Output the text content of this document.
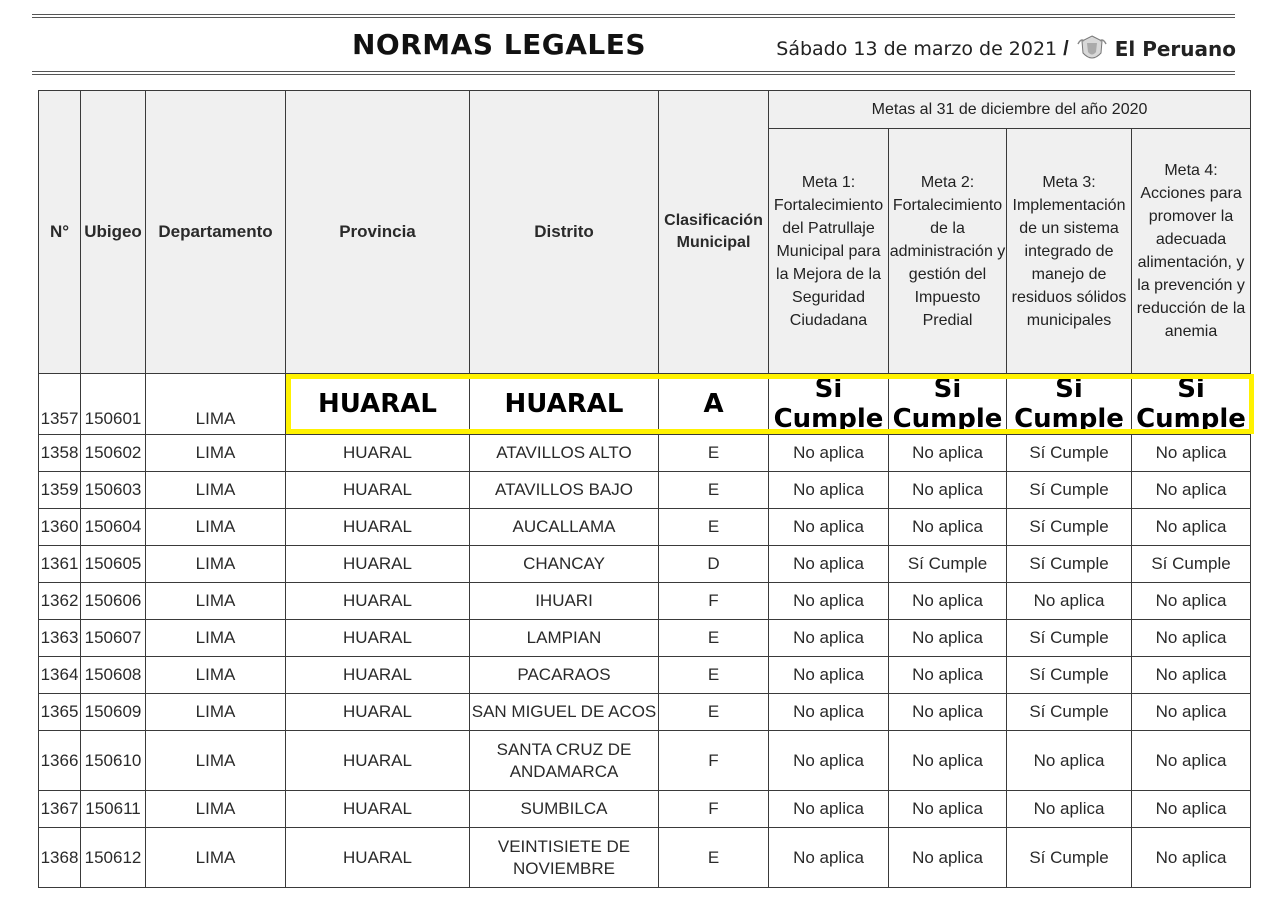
NORMAS LEGALES	Sábado 13 de marzo de 2021 / El Peruano
N°	Ubigeo	Departamento	Provincia	Distrito	Clasificación Municipal	Metas al 31 de diciembre del año 2020			
						Meta 1: Fortalecimiento del Patrullaje Municipal para la Mejora de la Seguridad Ciudadana	Meta 2: Fortalecimiento de la administración y gestión del Impuesto Predial	Meta 3: Implementación de un sistema integrado de manejo de residuos sólidos municipales	Meta 4: Acciones para promover la adecuada alimentación, y la prevención y reducción de la anemia
1357	150601	LIMA	HUARAL	HUARAL	A	Si Cumple	Si Cumple	Si Cumple	Si Cumple
1358	150602	LIMA	HUARAL	ATAVILLOS ALTO	E	No aplica	No aplica	Sí Cumple	No aplica
1359	150603	LIMA	HUARAL	ATAVILLOS BAJO	E	No aplica	No aplica	Sí Cumple	No aplica
1360	150604	LIMA	HUARAL	AUCALLAMA	E	No aplica	No aplica	Sí Cumple	No aplica
1361	150605	LIMA	HUARAL	CHANCAY	D	No aplica	Sí Cumple	Sí Cumple	Sí Cumple
1362	150606	LIMA	HUARAL	IHUARI	F	No aplica	No aplica	No aplica	No aplica
1363	150607	LIMA	HUARAL	LAMPIAN	E	No aplica	No aplica	Sí Cumple	No aplica
1364	150608	LIMA	HUARAL	PACARAOS	E	No aplica	No aplica	Sí Cumple	No aplica
1365	150609	LIMA	HUARAL	SAN MIGUEL DE ACOS	E	No aplica	No aplica	Sí Cumple	No aplica
1366	150610	LIMA	HUARAL	SANTA CRUZ DE ANDAMARCA	F	No aplica	No aplica	No aplica	No aplica
1367	150611	LIMA	HUARAL	SUMBILCA	F	No aplica	No aplica	No aplica	No aplica
1368	150612	LIMA	HUARAL	VEINTISIETE DE NOVIEMBRE	E	No aplica	No aplica	Sí Cumple	No aplica
